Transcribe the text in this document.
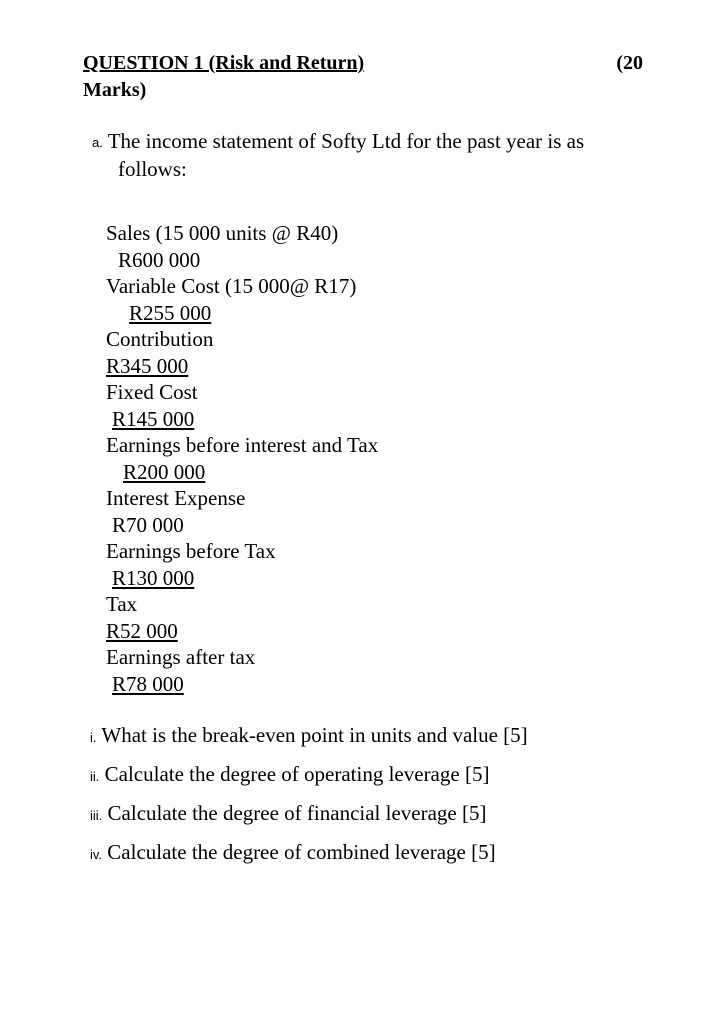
QUESTION 1 (Risk and Return)	(20
Marks)
a. The income statement of Softy Ltd for the past year is as
follows:
Sales (15 000 units @ R40)
R600 000
Variable Cost (15 000@ R17)
R255 000
Contribution
R345 000
Fixed Cost
R145 000
Earnings before interest and Tax
R200 000
Interest Expense
R70 000
Earnings before Tax
R130 000
Tax
R52 000
Earnings after tax
R78 000
i. What is the break-even point in units and value [5]
ii. Calculate the degree of operating leverage [5]
iii. Calculate the degree of financial leverage [5]
iv. Calculate the degree of combined leverage [5]
